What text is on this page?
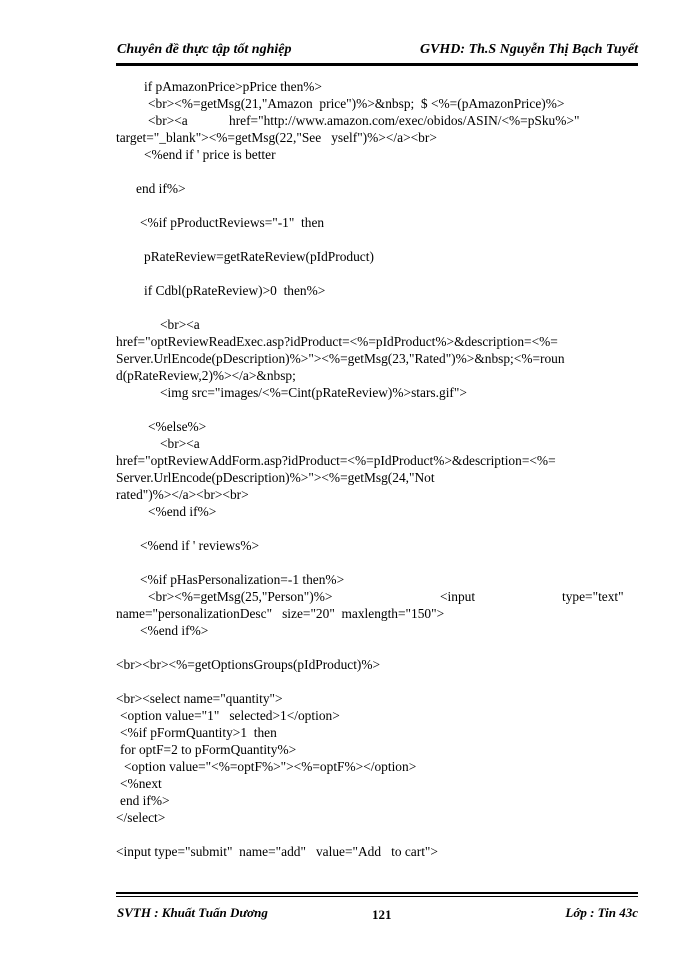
Chuyên đề thực tập tốt nghiệp	GVHD: Th.S Nguyễn Thị Bạch Tuyết
if pAmazonPrice>pPrice then%>
<br><%=getMsg(21,"Amazon  price")%>&nbsp;  $ <%=(pAmazonPrice)%>
<br><a	href="http://www.amazon.com/exec/obidos/ASIN/<%=pSku%>"
target="_blank"><%=getMsg(22,"See   yself")%></a><br>
<%end if ' price is better
end if%>
<%if pProductReviews="-1"  then
pRateReview=getRateReview(pIdProduct)
if Cdbl(pRateReview)>0  then%>
<br><a
href="optReviewReadExec.asp?idProduct=<%=pIdProduct%>&description=<%=
Server.UrlEncode(pDescription)%>"><%=getMsg(23,"Rated")%>&nbsp;<%=roun
d(pRateReview,2)%></a>&nbsp;
<img src="images/<%=Cint(pRateReview)%>stars.gif">
<%else%>
<br><a
href="optReviewAddForm.asp?idProduct=<%=pIdProduct%>&description=<%=
Server.UrlEncode(pDescription)%>"><%=getMsg(24,"Not
rated")%></a><br><br>
<%end if%>
<%end if ' reviews%>
<%if pHasPersonalization=-1 then%>
<br><%=getMsg(25,"Person")%>	<input	type="text"
name="personalizationDesc"   size="20"  maxlength="150">
<%end if%>
<br><br><%=getOptionsGroups(pIdProduct)%>
<br><select name="quantity">
<option value="1"   selected>1</option>
<%if pFormQuantity>1  then
for optF=2 to pFormQuantity%>
<option value="<%=optF%>"><%=optF%></option>
<%next
end if%>
</select>
<input type="submit"  name="add"   value="Add   to cart">
SVTH : Khuất Tuấn Dương	121	Lớp : Tin 43c
